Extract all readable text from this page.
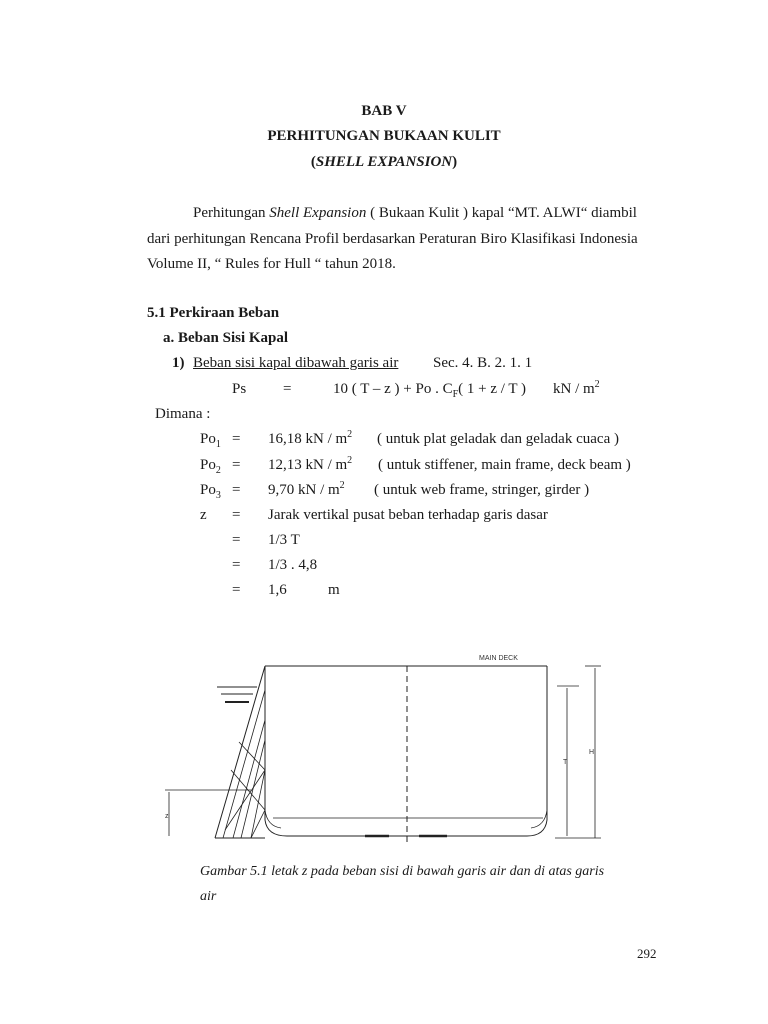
BAB V
PERHITUNGAN BUKAAN KULIT
(SHELL EXPANSION)
Perhitungan Shell Expansion ( Bukaan Kulit ) kapal “MT. ALWI“ diambil
dari perhitungan Rencana Profil berdasarkan Peraturan Biro Klasifikasi Indonesia
Volume II, “ Rules for Hull “ tahun 2018.
5.1 Perkiraan Beban
a. Beban Sisi Kapal
1) Beban sisi kapal dibawah garis air Sec. 4. B. 2. 1. 1
Ps =	10 ( T – z ) + Po . $C_F$( 1 + z / T ) kN / $m^2$
Dimana :
$Po_1 = 16,18$ kN / $m^2$ ( untuk plat geladak dan geladak cuaca )
$Po_2 = 12,13$ kN / $m^2$ ( untuk stiffener, main frame, deck beam )
$Po_3 = 9,70$ kN / $m^2$ ( untuk web frame, stringer, girder )
z = Jarak vertikal pusat beban terhadap garis dasar
= 1/3 T
= 1/3 . 4,8
= 1,6           m
MAIN DECK
T
H
z
Gambar 5.1 letak z pada beban sisi di bawah garis air dan di atas garis
air
292
